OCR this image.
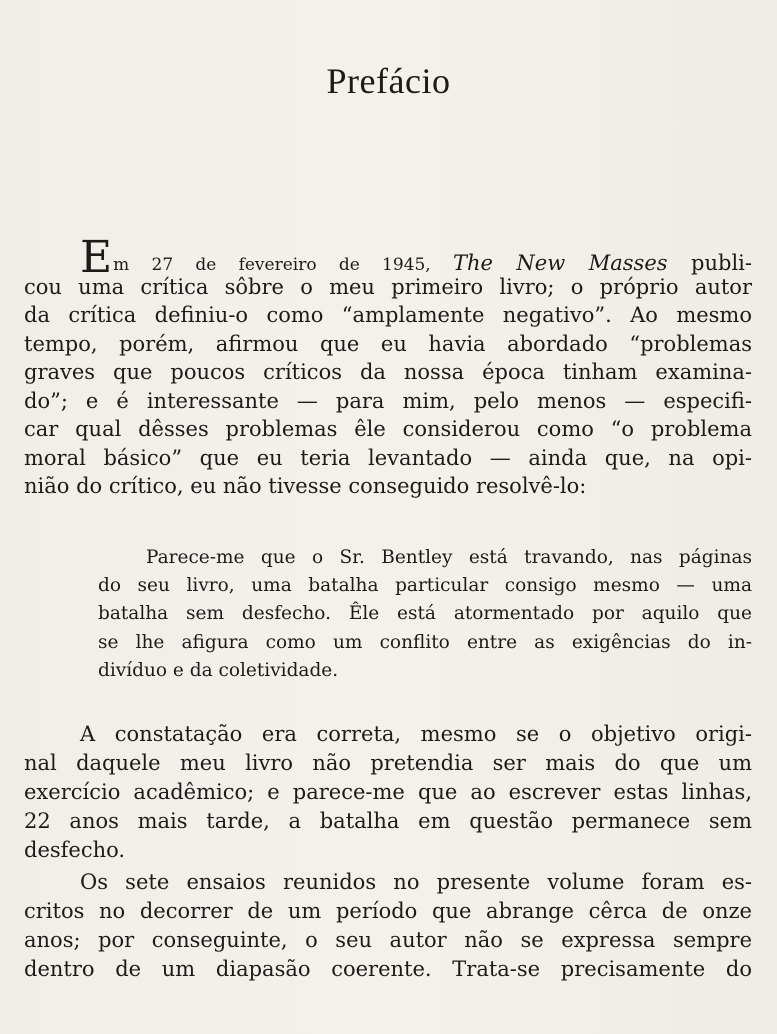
Prefácio
Em 27 de fevereiro de 1945, The New Masses publi-
cou uma crítica sôbre o meu primeiro livro; o próprio autor
da crítica definiu-o como “amplamente negativo”. Ao mesmo
tempo, porém, afirmou que eu havia abordado “problemas
graves que poucos críticos da nossa época tinham examina-
do”; e é interessante — para mim, pelo menos — especifi-
car qual dêsses problemas êle considerou como “o problema
moral básico” que eu teria levantado — ainda que, na opi-
nião do crítico, eu não tivesse conseguido resolvê-lo:
Parece-me que o Sr. Bentley está travando, nas páginas
do seu livro, uma batalha particular consigo mesmo — uma
batalha sem desfecho. Êle está atormentado por aquilo que
se lhe afigura como um conflito entre as exigências do in-
divíduo e da coletividade.
A constatação era correta, mesmo se o objetivo origi-
nal daquele meu livro não pretendia ser mais do que um
exercício acadêmico; e parece-me que ao escrever estas linhas,
22 anos mais tarde, a batalha em questão permanece sem
desfecho.
Os sete ensaios reunidos no presente volume foram es-
critos no decorrer de um período que abrange cêrca de onze
anos; por conseguinte, o seu autor não se expressa sempre
dentro de um diapasão coerente. Trata-se precisamente do
